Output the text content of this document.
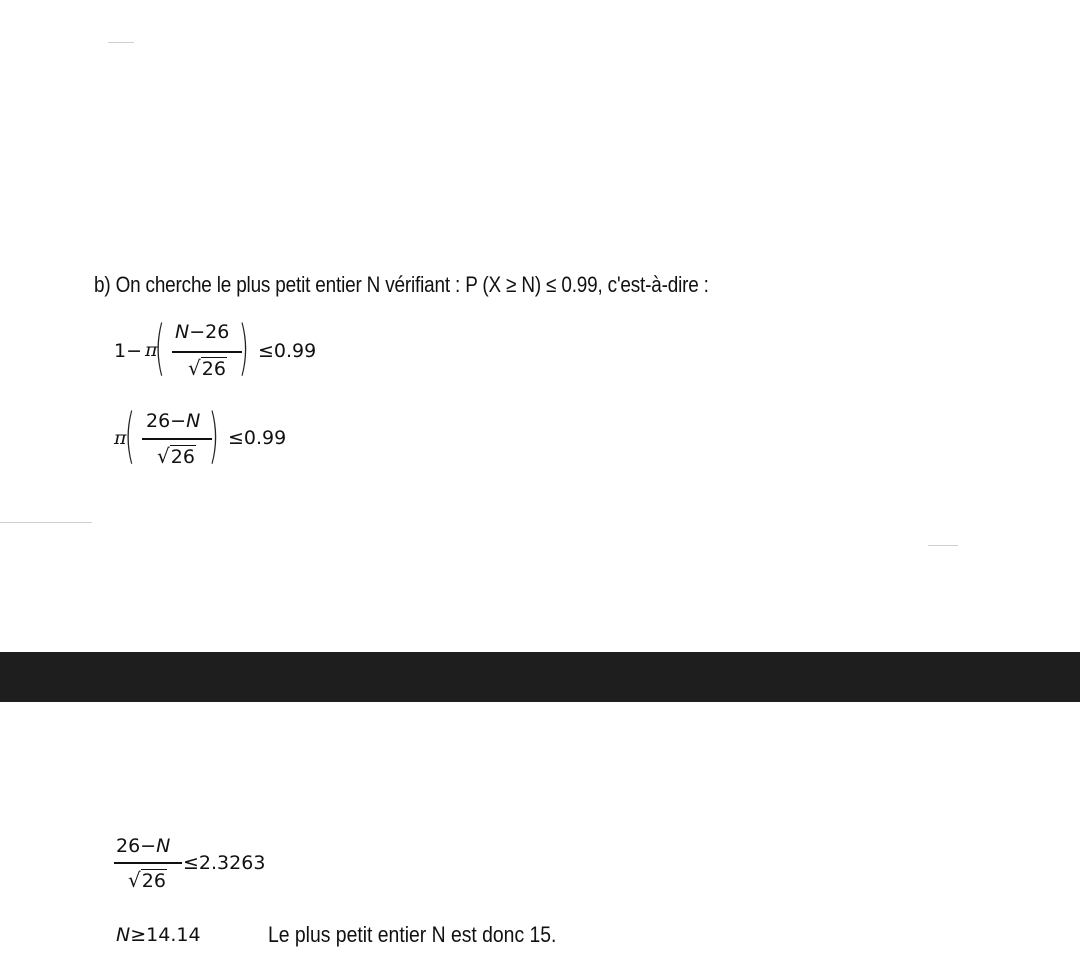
b) On cherche le plus petit entier N vérifiant : P (X ≥ N) ≤ 0.99, c'est-à-dire :
1− π
( N−26
√26 ) ≤0.99
π
( 26−N
√26 ) ≤0.99
26−N
√26
≤2.3263
N≥14.14	Le plus petit entier N est donc 15.
